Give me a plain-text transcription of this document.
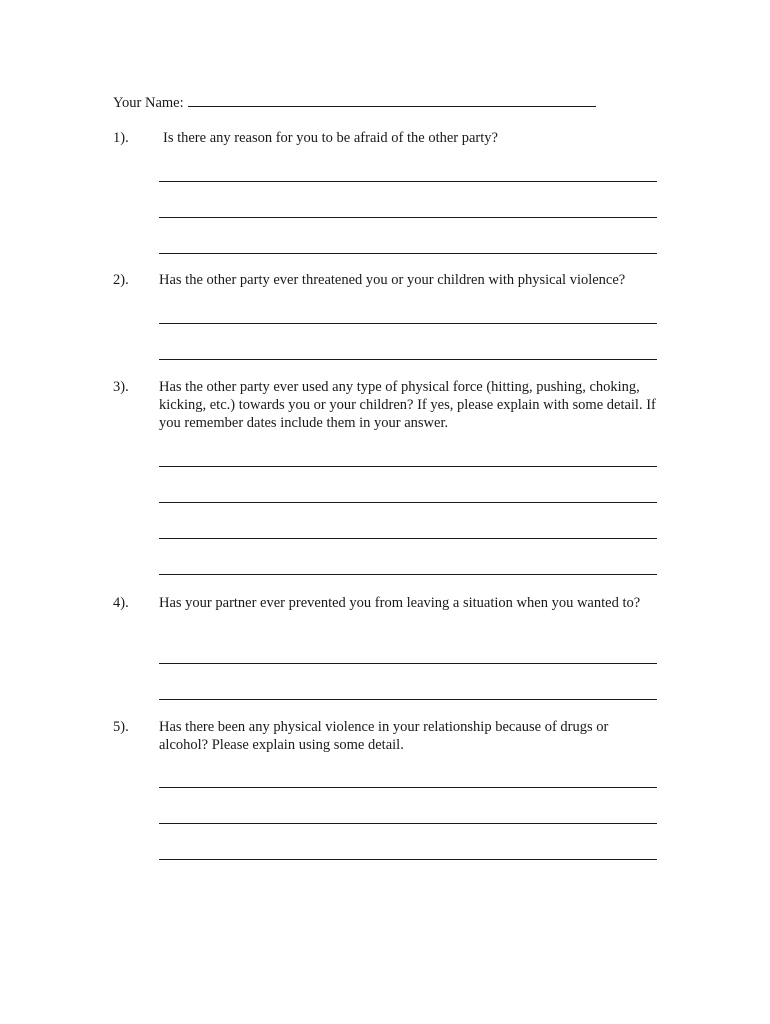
Your Name:
1). Is there any reason for you to be afraid of the other party?
2). Has the other party ever threatened you or your children with physical violence?
3). Has the other party ever used any type of physical force (hitting, pushing, choking, kicking, etc.) towards you or your children? If yes, please explain with some detail. If you remember dates include them in your answer.
4). Has your partner ever prevented you from leaving a situation when you wanted to?
5). Has there been any physical violence in your relationship because of drugs or alcohol? Please explain using some detail.
